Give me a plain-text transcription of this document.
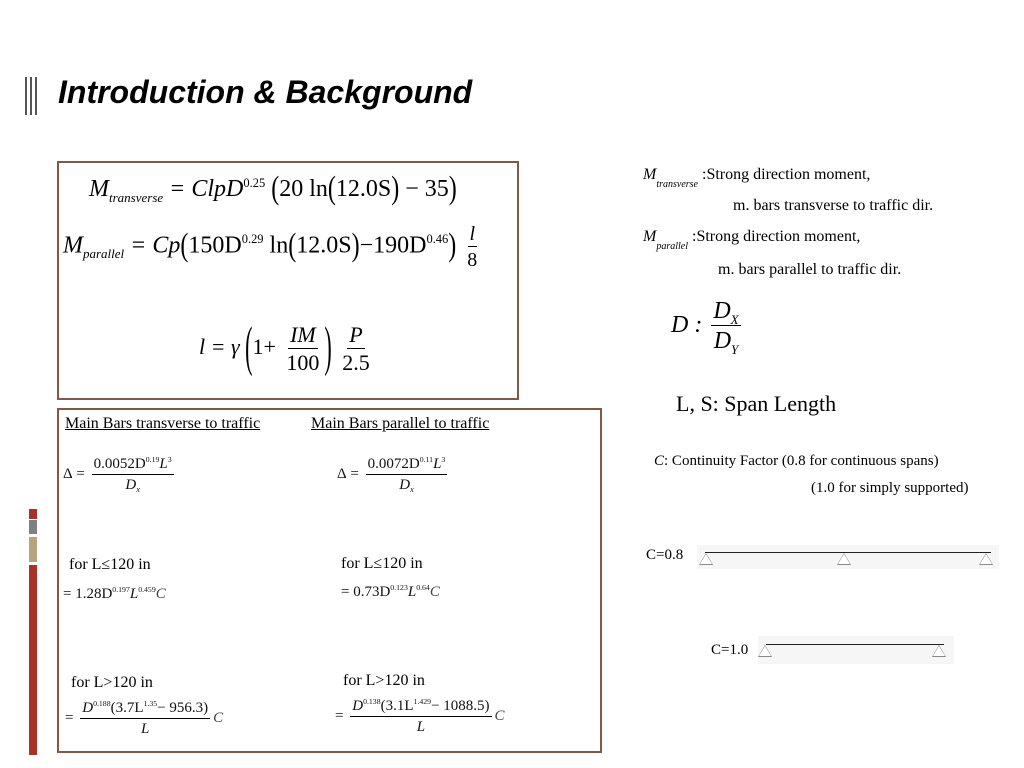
Introduction & Background
$M_{transverse}$ = ClpD$^{0.25}$ (20 ln(12.0S) − 35)
$M_{parallel} = Cp(150D^{0.29}$ $\ln(12.0S)-190D^{0.46}) \frac{l}{8}$
l = γ ($1+ \frac{IM}{100}$ ) $\frac{P}{2.5}$
Main Bars transverse to traffic	Main Bars parallel to traffic
$\Delta = \frac{0.0052D^{0.19}L^3}{D_x}$	$\Delta = \frac{0.0072D^{0.11}L^3}{D_x}$
for L≤120 in	for L≤120 in
= $1.28D^{0.197}L^{0.459}C$	= $0.73D^{0.123}L^{0.64}C$
for L>120 in	for L>120 in
= $\frac{D^{0.188}(3.7L^{1.35}- 956.3)}{L}$ C	= $\frac{D^{0.138}(3.1L^{1.429}- 1088.5)}{L}$ C
$M_{transverse}$ :Strong direction moment,
m. bars transverse to traffic dir.
$M_{parallel}$ :Strong direction moment,
m. bars parallel to traffic dir.
D : $\frac{D_X}{D_Y}$
L, S: Span Length
C: Continuity Factor (0.8 for continuous spans)
(1.0 for simply supported)
C=0.8
C=1.0
